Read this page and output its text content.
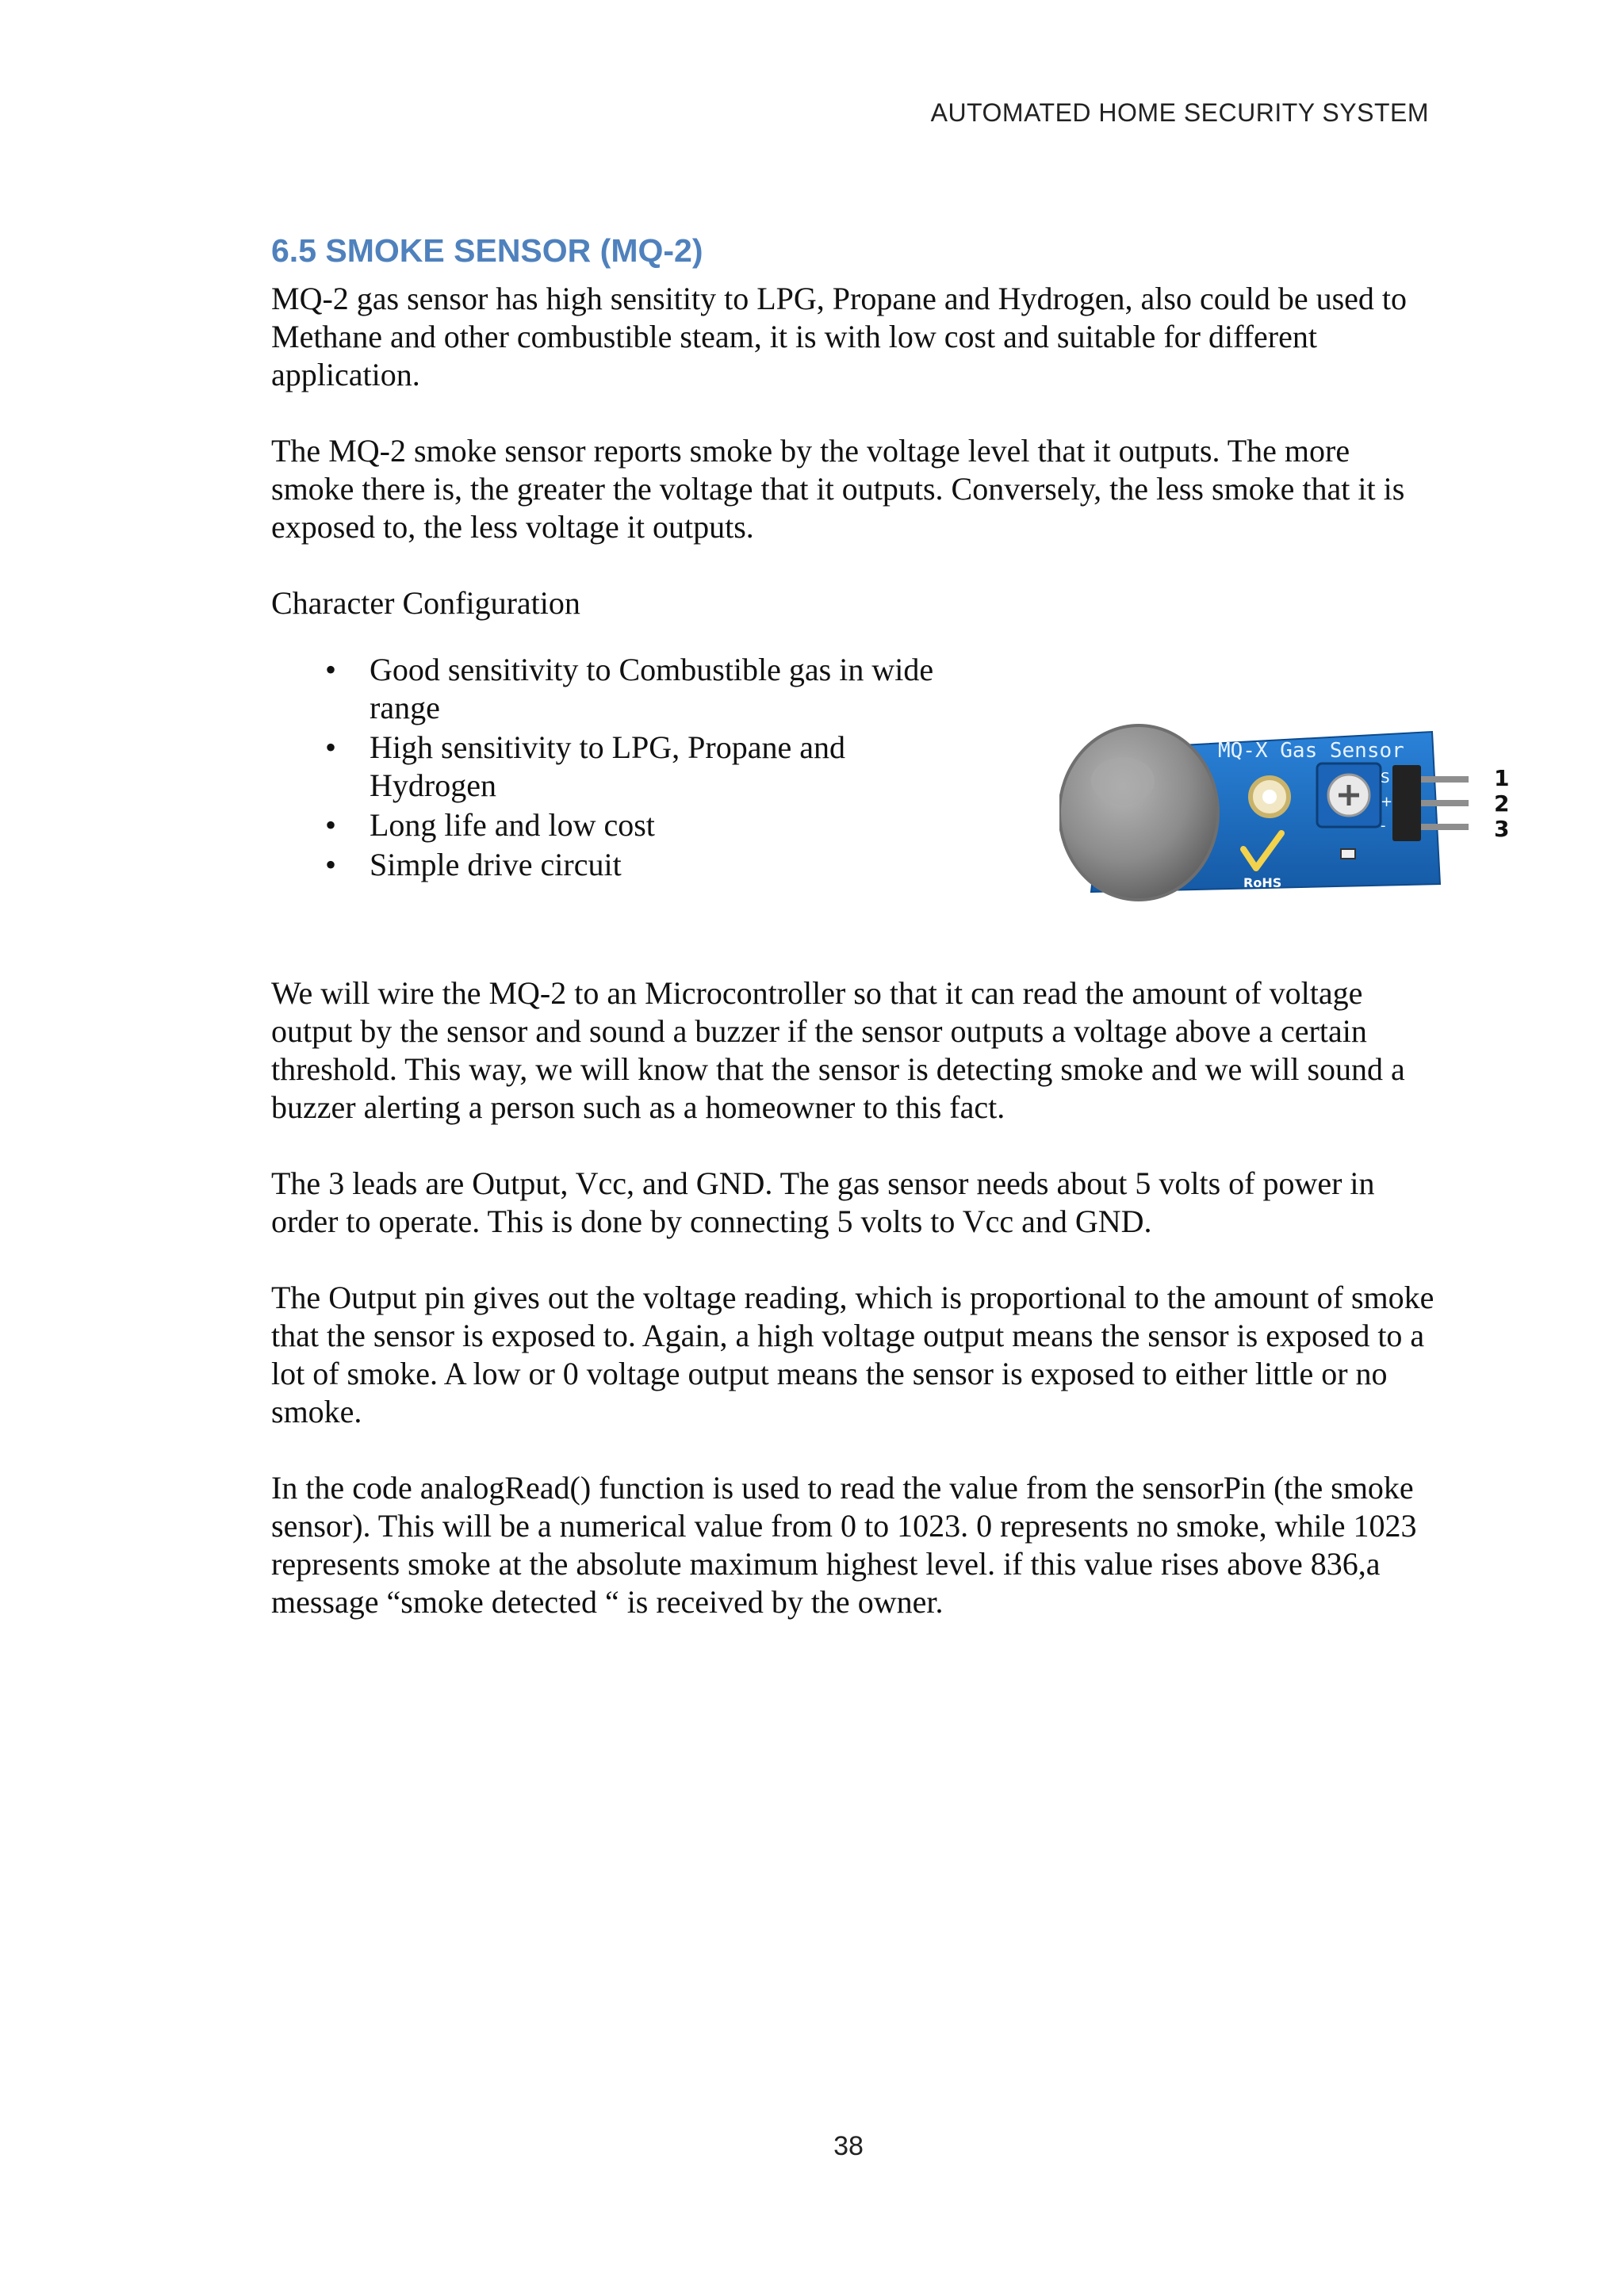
AUTOMATED HOME SECURITY SYSTEM
6.5 SMOKE SENSOR (MQ-2)

MQ-2 gas sensor has high sensitity to LPG, Propane and Hydrogen, also could be used to Methane and other combustible steam, it is with low cost and suitable for different application.

The MQ-2 smoke sensor reports smoke by the voltage level that it outputs. The more smoke there is, the greater the voltage that it outputs. Conversely, the less smoke that it is exposed to, the less voltage it outputs.

Character Configuration

• Good sensitivity to Combustible gas in wide range
• High sensitivity to LPG, Propane and Hydrogen
• Long life and low cost
• Simple drive circuit
MQ-X Gas Sensor
S
+
-
1
2
3
RoHS

We will wire the MQ-2 to an Microcontroller so that it can read the amount of voltage output by the sensor and sound a buzzer if the sensor outputs a voltage above a certain threshold. This way, we will know that the sensor is detecting smoke and we will sound a buzzer alerting a person such as a homeowner to this fact.

The 3 leads are Output, Vcc, and GND. The gas sensor needs about 5 volts of power in order to operate. This is done by connecting 5 volts to Vcc and GND.

The Output pin gives out the voltage reading, which is proportional to the amount of smoke that the sensor is exposed to. Again, a high voltage output means the sensor is exposed to a lot of smoke. A low or 0 voltage output means the sensor is exposed to either little or no smoke.

In the code analogRead() function is used to read the value from the sensorPin (the smoke sensor). This will be a numerical value from 0 to 1023. 0 represents no smoke, while 1023 represents smoke at the absolute maximum highest level. if this value rises above 836,a message “smoke detected “ is received by the owner.

38
